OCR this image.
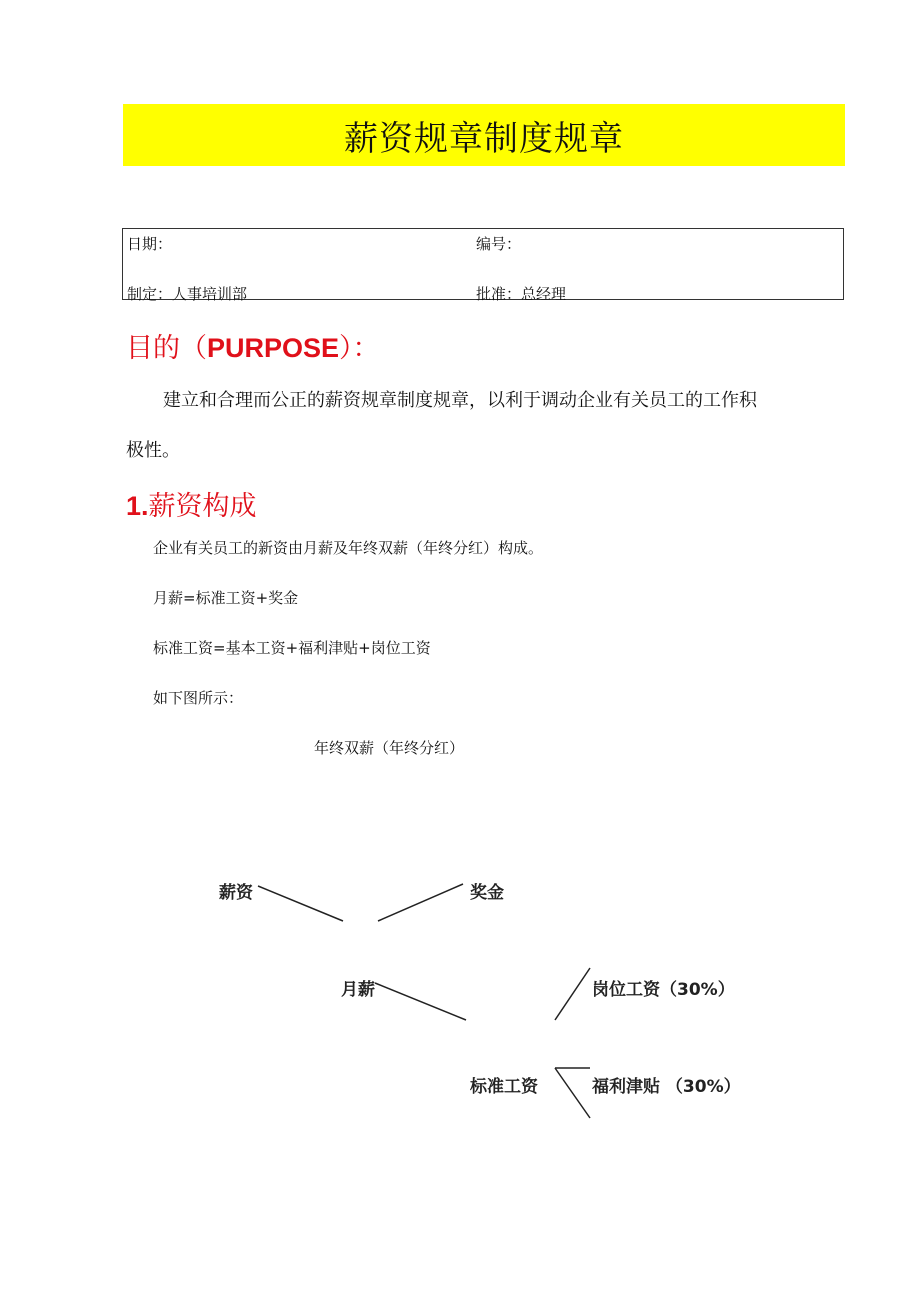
薪资规章制度规章
日期：	编号：
制定：人事培训部	批准：总经理
目的（PURPOSE）：
建立和合理而公正的薪资规章制度规章，以利于调动企业有关员工的工作积
极性。
1.薪资构成
企业有关员工的新资由月薪及年终双薪（年终分红）构成。
月薪=标准工资+奖金
标准工资=基本工资+福利津贴+岗位工资
如下图所示：
年终双薪（年终分红）
薪资	奖金
月薪	岗位工资（30%）
标准工资	福利津贴 （30%）
